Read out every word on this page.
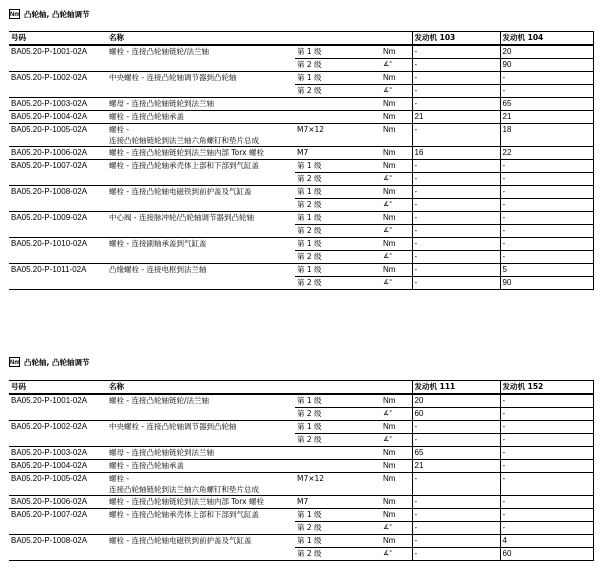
Nm 凸轮轴, 凸轮轴调节
号码	名称			发动机 103	发动机 104
BA05.20-P-1001-02A	螺栓 - 连接凸轮轴链轮/法兰轴	第 1 级	Nm	-	20
		第 2 级	∡°	-	90
BA05.20-P-1002-02A	中央螺栓 - 连接凸轮轴调节器到凸轮轴	第 1 级	Nm	-	-
		第 2 级	∡°	-	-
BA05.20-P-1003-02A	螺母 - 连接凸轮轴链轮到法兰轴		Nm	-	65
BA05.20-P-1004-02A	螺栓 - 连接凸轮轴承盖		Nm	21	21
BA05.20-P-1005-02A	螺栓 -
连接凸轮轴链轮到法兰轴六角螺钉和垫片总成	M7×12	Nm	-	18
BA05.20-P-1006-02A	螺栓 - 连接凸轮轴链轮到法兰轴内部 Torx 螺栓	M7	Nm	16	22
BA05.20-P-1007-02A	螺栓 - 连接凸轮轴承壳体上部和下部到气缸盖	第 1 级	Nm	-	-
		第 2 级	∡°	-	-
BA05.20-P-1008-02A	螺栓 - 连接凸轮轴电磁铁到前护盖及气缸盖	第 1 级	Nm	-	-
		第 2 级	∡°	-	-
BA05.20-P-1009-02A	中心阀 - 连接脉冲轮/凸轮轴调节器到凸轮轴	第 1 级	Nm	-	-
		第 2 级	∡°	-	-
BA05.20-P-1010-02A	螺栓 - 连接副轴承盖到气缸盖	第 1 级	Nm	-	-
		第 2 级	∡°	-	-
BA05.20-P-1011-02A	凸缘螺栓 - 连接电枢到法兰轴	第 1 级	Nm	-	5
		第 2 级	∡°	-	90
Nm 凸轮轴, 凸轮轴调节
号码	名称			发动机 111	发动机 152
BA05.20-P-1001-02A	螺栓 - 连接凸轮轴链轮/法兰轴	第 1 级	Nm	20	-
		第 2 级	∡°	60	-
BA05.20-P-1002-02A	中央螺栓 - 连接凸轮轴调节器到凸轮轴	第 1 级	Nm	-	-
		第 2 级	∡°	-	-
BA05.20-P-1003-02A	螺母 - 连接凸轮轴链轮到法兰轴		Nm	65	-
BA05.20-P-1004-02A	螺栓 - 连接凸轮轴承盖		Nm	21	-
BA05.20-P-1005-02A	螺栓 -
连接凸轮轴链轮到法兰轴六角螺钉和垫片总成	M7×12	Nm	-	-
BA05.20-P-1006-02A	螺栓 - 连接凸轮轴链轮到法兰轴内部 Torx 螺栓	M7	Nm	-	-
BA05.20-P-1007-02A	螺栓 - 连接凸轮轴承壳体上部和下部到气缸盖	第 1 级	Nm	-	-
		第 2 级	∡°	-	-
BA05.20-P-1008-02A	螺栓 - 连接凸轮轴电磁铁到前护盖及气缸盖	第 1 级	Nm	-	4
		第 2 级	∡°	-	60
